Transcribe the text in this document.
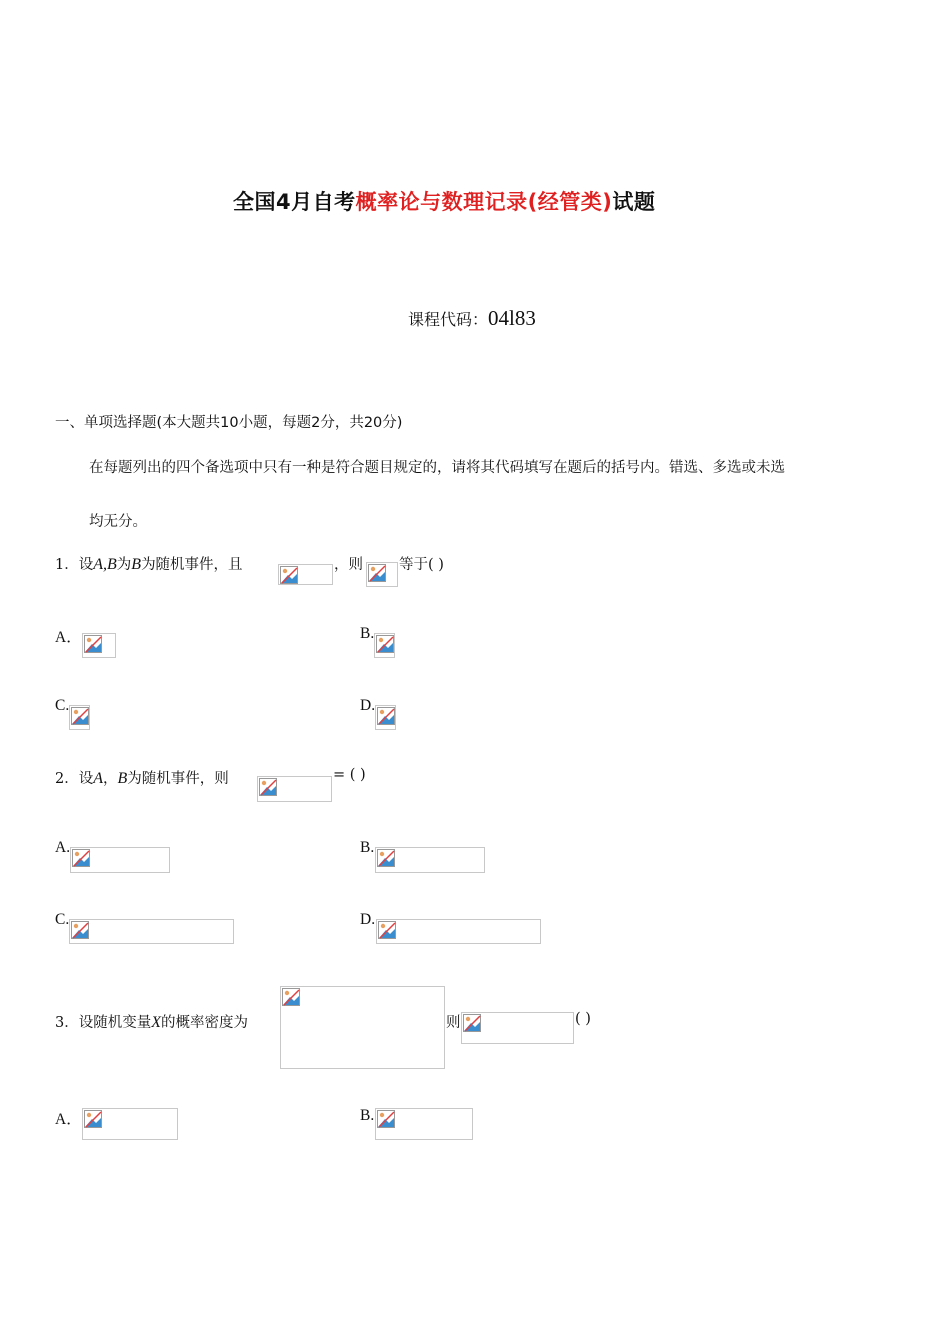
全国4月自考概率论与数理记录(经管类)试题
课程代码：04l83
一、单项选择题(本大题共10小题，每题2分，共20分)
在每题列出的四个备选项中只有一种是符合题目规定的，请将其代码填写在题后的括号内。错选、多选或未选
均无分。
1．设A,B为B为随机事件，且	，则 等于( )
A．	B.
C.	D.
2．设A，B为随机事件，则	= ( )
A.	B.
C.	D.
3．设随机变量X的概率密度为	则	( )
A．	B.
